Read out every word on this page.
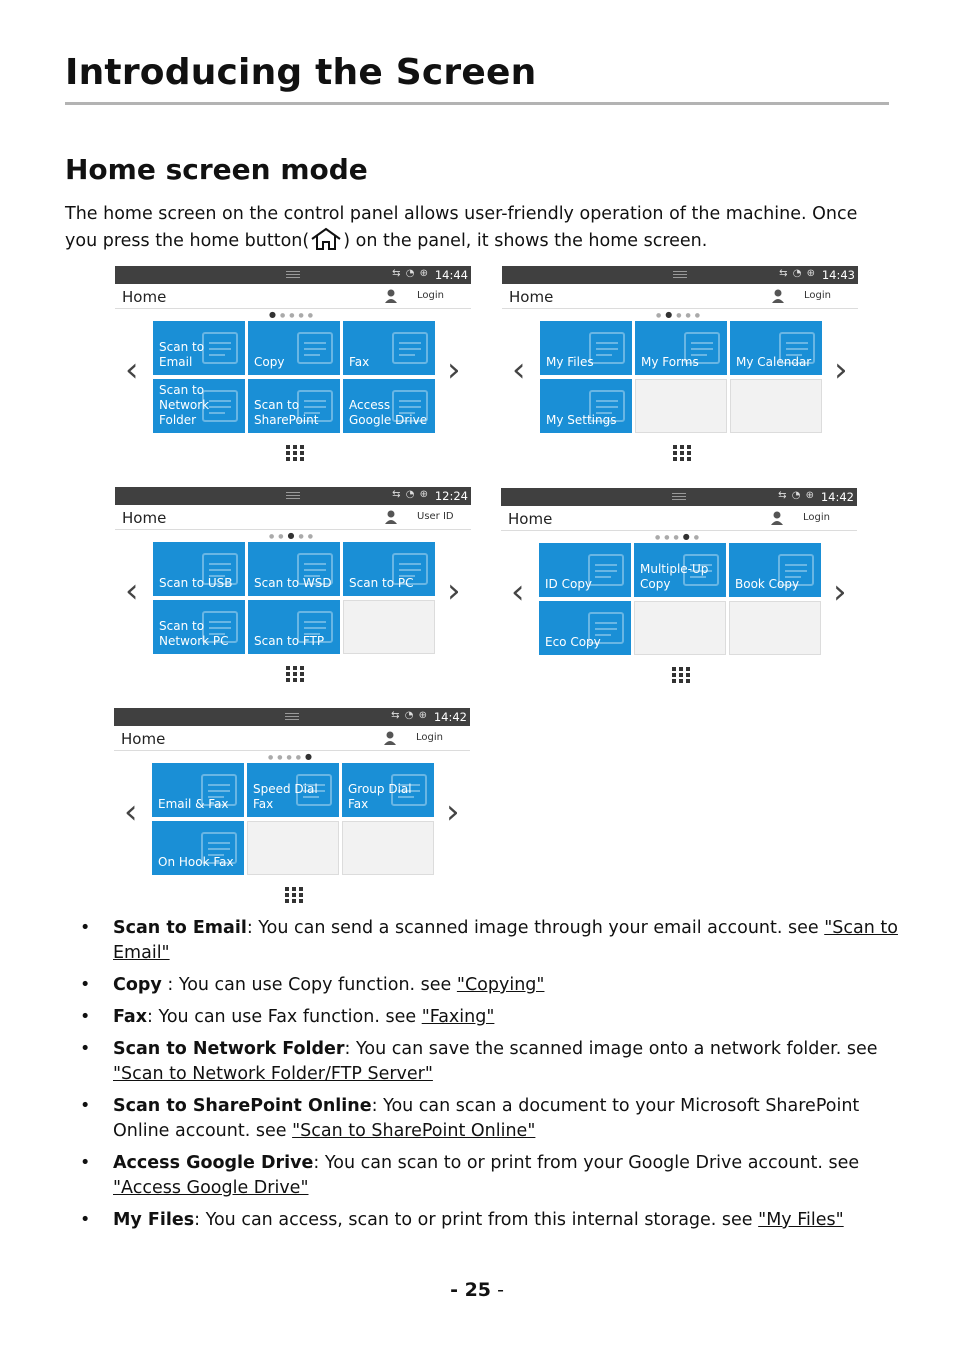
Introducing the Screen
Home screen mode
The home screen on the control panel allows user-friendly operation of the machine. Once you press the home button( ) on the panel, it shows the home screen.
⇆ ◔ ⊕ 14:44
Home	Login
●●●●●
‹	›
Scan to
Email	Copy	Fax
Scan to
Network
Folder
Scan to
SharePoint
Access
Google Drive
⇆ ◔ ⊕ 14:43
Home	Login
●●●●●
‹	›
My Files	My Forms	My Calendar
My Settings
⇆ ◔ ⊕ 12:24
Home	User ID
●●●●●
‹	›
Scan to USB Scan to WSD Scan to PC
Scan to
Network PC Scan to FTP
⇆ ◔ ⊕ 14:42
Home	Login
●●●●●
‹	›
ID Copy
Multiple-Up
Copy	Book Copy
Eco Copy
⇆ ◔ ⊕ 14:42
Home	Login
●●●●●
‹	›
Email & Fax
Speed Dial
Fax
Group Dial
Fax
On Hook Fax
• Scan to Email: You can send a scanned image through your email account. see "Scan to Email"
• Copy : You can use Copy function. see "Copying"
• Fax: You can use Fax function. see "Faxing"
• Scan to Network Folder: You can save the scanned image onto a network folder. see "Scan to Network Folder/FTP Server"
• Scan to SharePoint Online: You can scan a document to your Microsoft SharePoint Online account. see "Scan to SharePoint Online"
• Access Google Drive: You can scan to or print from your Google Drive account. see "Access Google Drive"
• My Files: You can access, scan to or print from this internal storage. see "My Files"
- 25 -
